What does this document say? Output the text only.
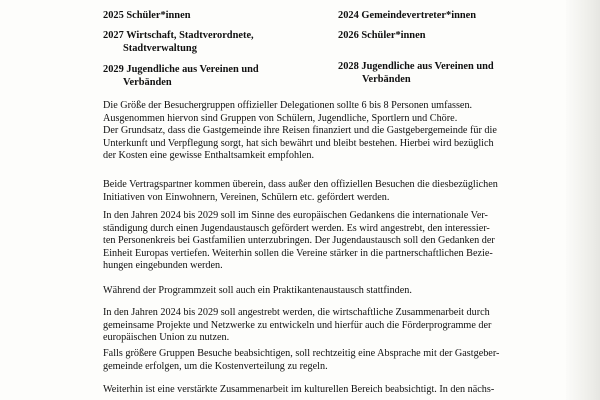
2025 Schüler*innen
2027 Wirtschaft, Stadtverordnete,
Stadtverwaltung
2029 Jugendliche aus Vereinen und
Verbänden
2024 Gemeindevertreter*innen
2026 Schüler*innen
2028 Jugendliche aus Vereinen und
Verbänden
Die Größe der Besuchergruppen offizieller Delegationen sollte 6 bis 8 Personen umfassen.
Ausgenommen hiervon sind Gruppen von Schülern, Jugendliche, Sportlern und Chöre.
Der Grundsatz, dass die Gastgemeinde ihre Reisen finanziert und die Gastgebergemeinde für die
Unterkunft und Verpflegung sorgt, hat sich bewährt und bleibt bestehen. Hierbei wird bezüglich
der Kosten eine gewisse Enthaltsamkeit empfohlen.
Beide Vertragspartner kommen überein, dass außer den offiziellen Besuchen die diesbezüglichen
Initiativen von Einwohnern, Vereinen, Schülern etc. gefördert werden.
In den Jahren 2024 bis 2029 soll im Sinne des europäischen Gedankens die internationale Ver-
ständigung durch einen Jugendaustausch gefördert werden. Es wird angestrebt, den interessier-
ten Personenkreis bei Gastfamilien unterzubringen. Der Jugendaustausch soll den Gedanken der
Einheit Europas vertiefen. Weiterhin sollen die Vereine stärker in die partnerschaftlichen Bezie-
hungen eingebunden werden.
Während der Programmzeit soll auch ein Praktikantenaustausch stattfinden.
In den Jahren 2024 bis 2029 soll angestrebt werden, die wirtschaftliche Zusammenarbeit durch
gemeinsame Projekte und Netzwerke zu entwickeln und hierfür auch die Förderprogramme der
europäischen Union zu nutzen.
Falls größere Gruppen Besuche beabsichtigen, soll rechtzeitig eine Absprache mit der Gastgeber-
gemeinde erfolgen, um die Kostenverteilung zu regeln.
Weiterhin ist eine verstärkte Zusammenarbeit im kulturellen Bereich beabsichtigt. In den nächs-
